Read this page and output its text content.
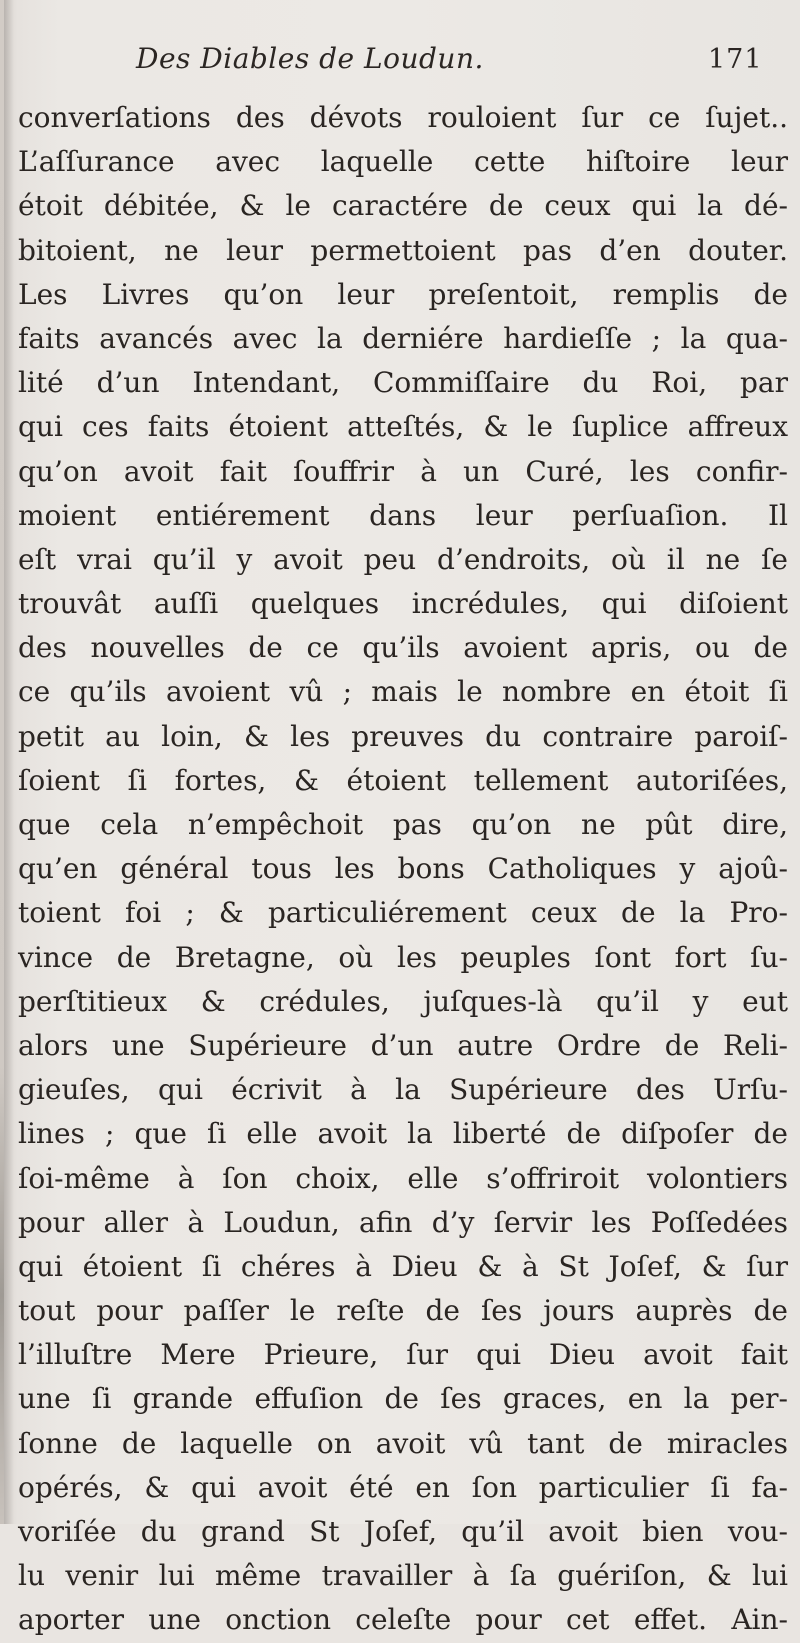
Des Diables de Loudun.	171
converſations des dévots rouloient ſur ce ſujet..
L’aſſurance avec laquelle cette hiſtoire leur
étoit débitée, & le caractére de ceux qui la dé-
bitoient, ne leur permettoient pas d’en douter.
Les Livres qu’on leur preſentoit, remplis de
faits avancés avec la derniére hardieſſe ; la qua-
lité d’un Intendant, Commiſſaire du Roi, par
qui ces faits étoient atteſtés, & le ſuplice affreux
qu’on avoit fait ſouffrir à un Curé, les confir-
moient entiérement dans leur perſuaſion. Il
eſt vrai qu’il y avoit peu d’endroits, où il ne ſe
trouvât auſſi quelques incrédules, qui diſoient
des nouvelles de ce qu’ils avoient apris, ou de
ce qu’ils avoient vû ; mais le nombre en étoit ſi
petit au loin, & les preuves du contraire paroiſ-
ſoient ſi fortes, & étoient tellement autoriſées,
que cela n’empêchoit pas qu’on ne pût dire,
qu’en général tous les bons Catholiques y ajoû-
toient foi ; & particuliérement ceux de la Pro-
vince de Bretagne, où les peuples ſont fort ſu-
perſtitieux & crédules, juſques-là qu’il y eut
alors une Supérieure d’un autre Ordre de Reli-
gieuſes, qui écrivit à la Supérieure des Urſu-
lines ; que ſi elle avoit la liberté de diſpoſer de
ſoi-même à ſon choix, elle s’offriroit volontiers
pour aller à Loudun, afin d’y ſervir les Poſſedées
qui étoient ſi chéres à Dieu & à St Joſef, & ſur
tout pour paſſer le reſte de ſes jours auprès de
l’illuſtre Mere Prieure, ſur qui Dieu avoit fait
une ſi grande effuſion de ſes graces, en la per-
ſonne de laquelle on avoit vû tant de miracles
opérés, & qui avoit été en ſon particulier ſi fa-
voriſée du grand St Joſef, qu’il avoit bien vou-
lu venir lui même travailler à ſa guériſon, & lui
aporter une onction celeſte pour cet effet. Ain-
